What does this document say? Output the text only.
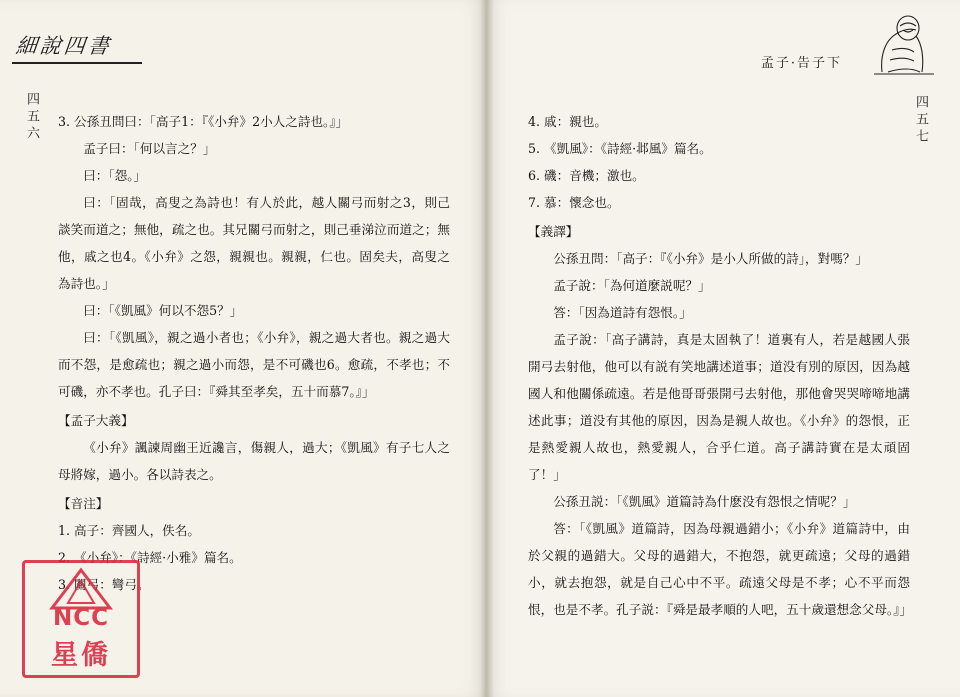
細說四書
孟子·告子下
四五六	四五七

3. 公孫丑問曰：「高子1：『《小弁》2小人之詩也。』」

孟子曰：「何以言之？」

曰：「怨。」

曰：「固哉，高叟之為詩也！有人於此，越人關弓而射之3，則己談笑而道之；無他，疏之也。其兄關弓而射之，則己垂涕泣而道之；無他，戚之也4。《小弁》之怨，親親也。親親，仁也。固矣夫，高叟之為詩也。」

曰：「《凱風》何以不怨5？」

曰：「《凱風》，親之過小者也；《小弁》，親之過大者也。親之過大而不怨，是愈疏也；親之過小而怨，是不可磯也6。愈疏，不孝也；不可磯，亦不孝也。孔子曰：『舜其至孝矣，五十而慕7。』」

【孟子大義】

《小弁》諷諫周幽王近讒言，傷親人，過大；《凱風》有子七人之母將嫁，過小。各以詩表之。

【音注】

1. 高子：齊國人，佚名。

2. 《小弁》：《詩經·小雅》篇名。

3. 關弓：彎弓。

4. 戚：親也。

5. 《凱風》：《詩經·邶風》篇名。

6. 磯：音機；激也。

7. 慕：懷念也。

【義譯】

公孫丑問：「高子：『《小弁》是小人所做的詩」，對嗎？」

孟子說：「為何道麼説呢？」

答：「因為道詩有怨恨。」

孟子說：「高子講詩，真是太固執了！道裏有人，若是越國人張開弓去射他，他可以有説有笑地講述道事；道没有別的原因，因為越國人和他關係疏遠。若是他哥哥張開弓去射他，那他會哭哭啼啼地講述此事；道没有其他的原因，因為是親人故也。《小弁》的怨恨，正是熱愛親人故也，熱愛親人，合乎仁道。高子講詩實在是太頑固了！」

公孫丑説：「《凱風》道篇詩為什麽没有怨恨之情呢？」

答：「《凱風》道篇詩，因為母親過錯小；《小弁》道篇詩中，由於父親的過錯大。父母的過錯大，不抱怨，就更疏遠；父母的過錯小，就去抱怨，就是自己心中不平。疏遠父母是不孝；心不平而怨恨，也是不孝。孔子説：『舜是最孝順的人吧，五十歲還想念父母。』」

NCC
星僑
